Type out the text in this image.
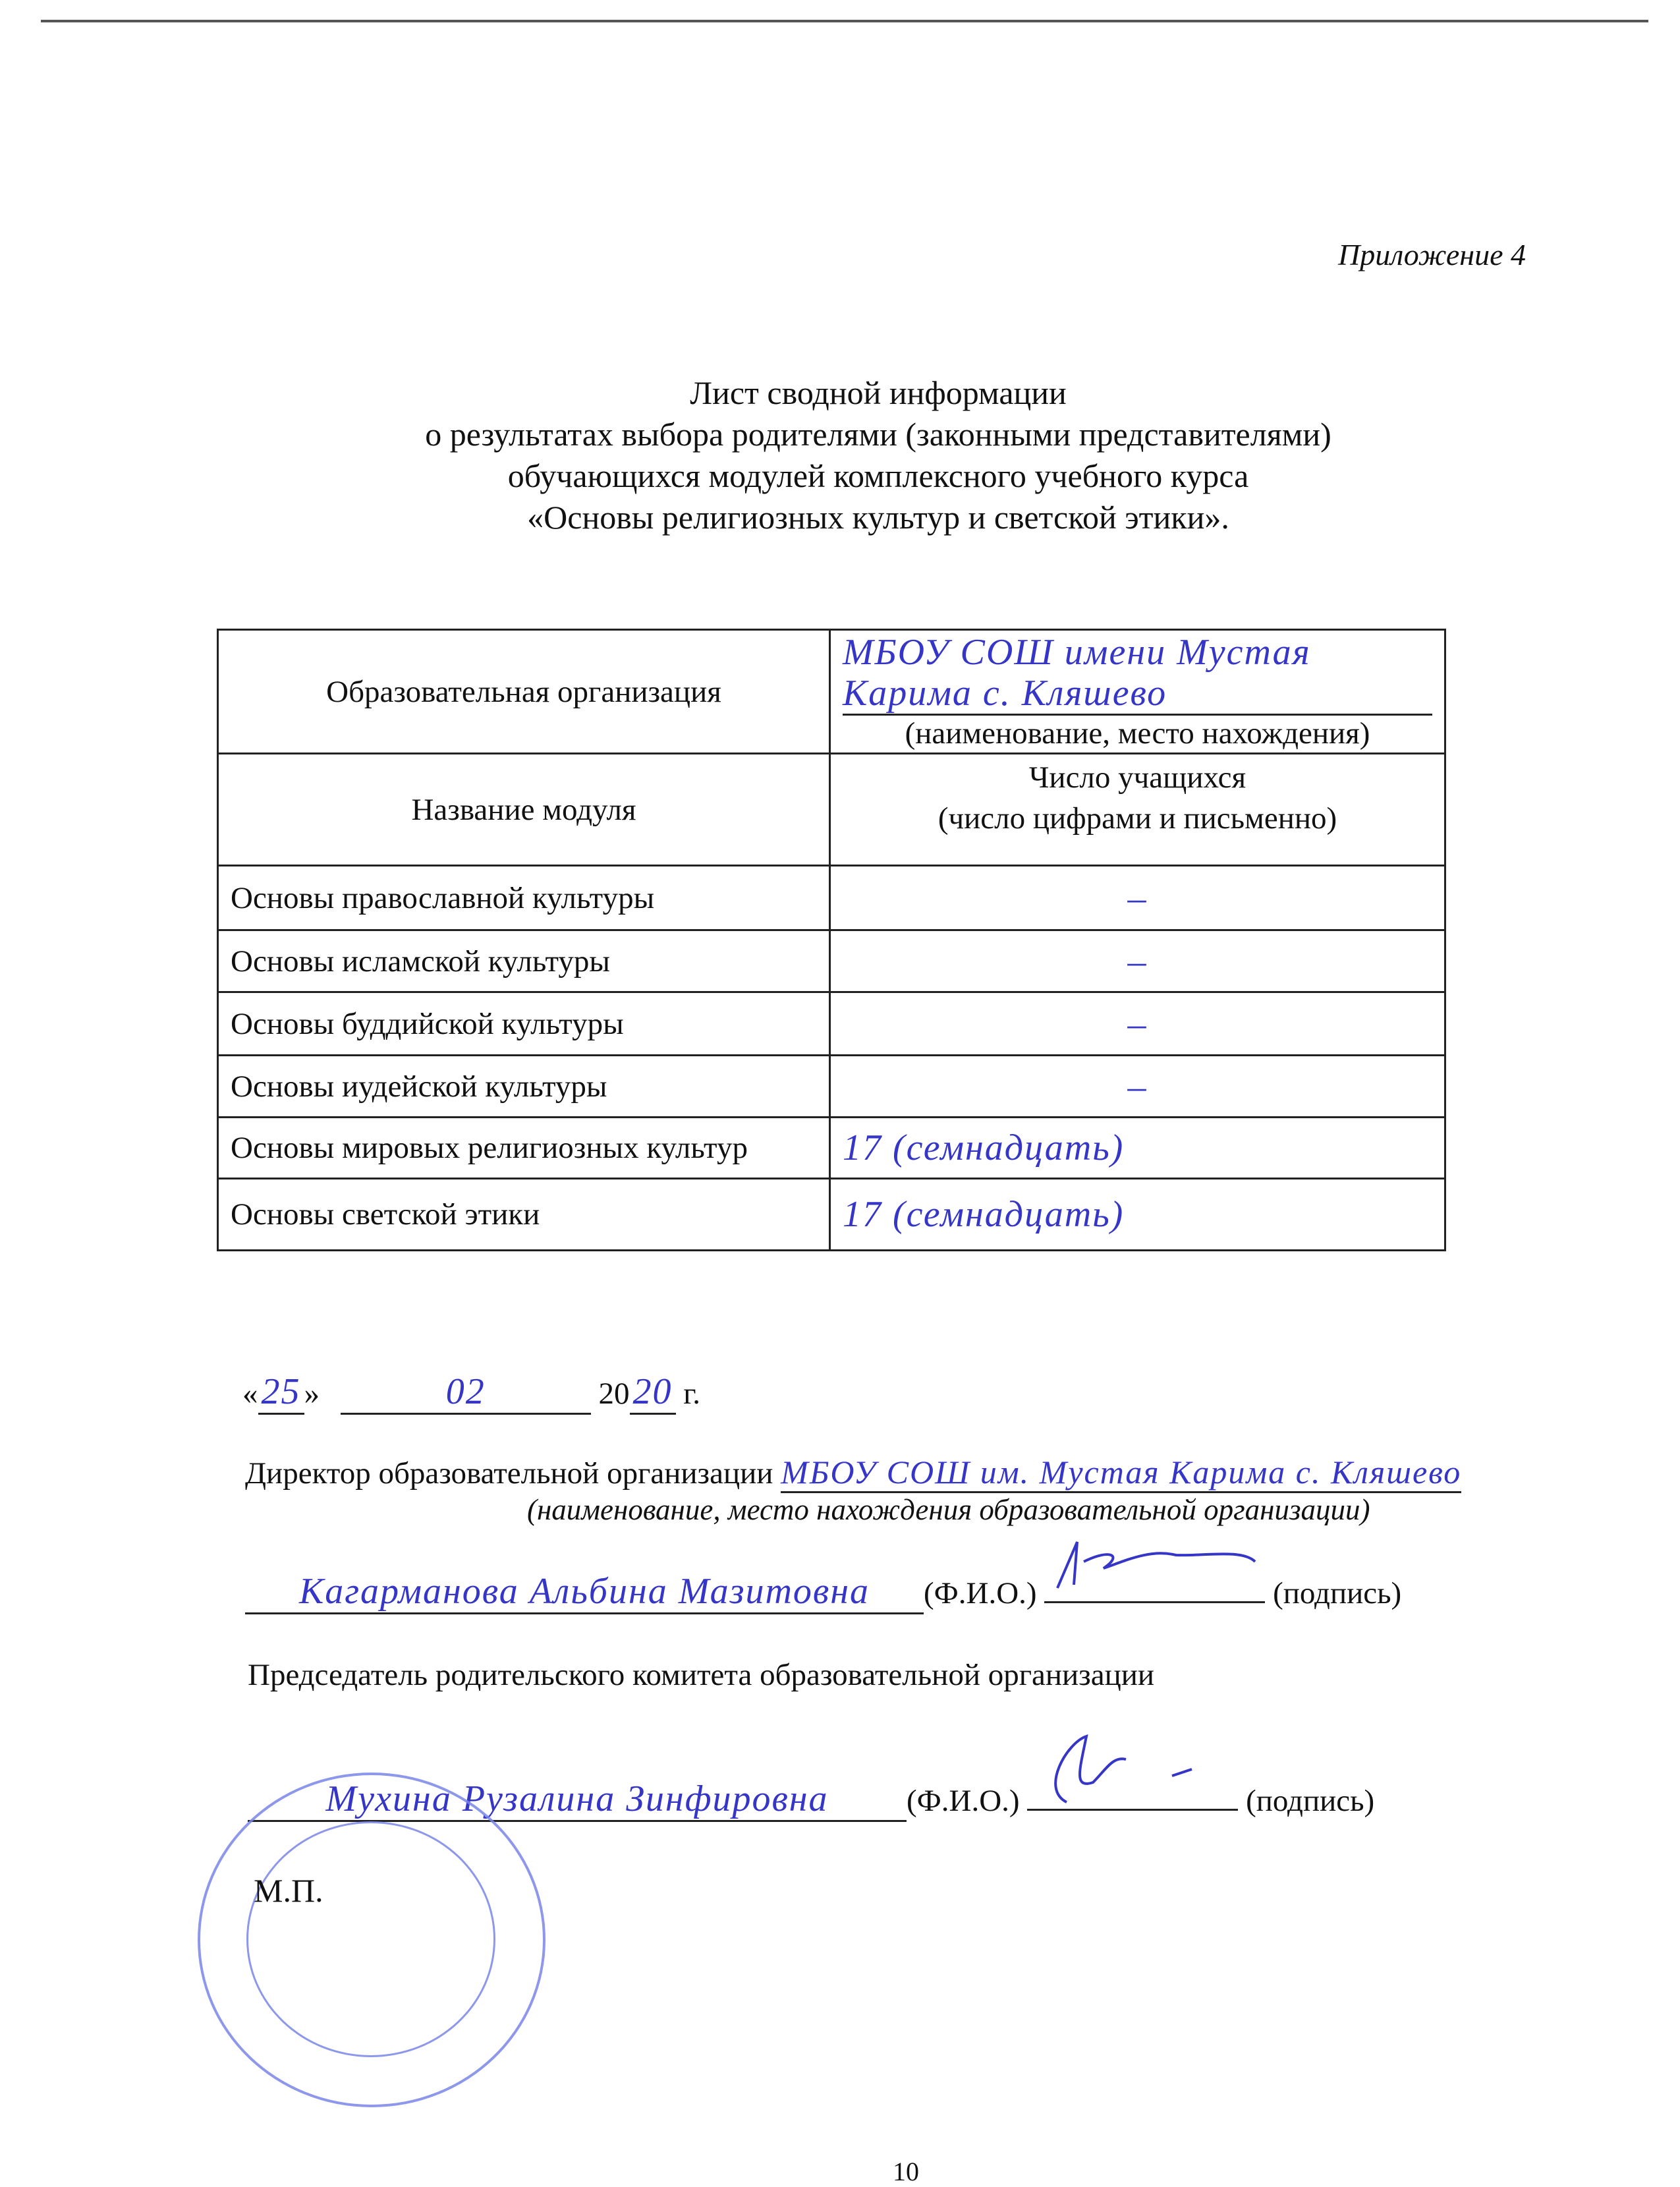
Приложение 4
Лист сводной информации
о результатах выбора родителями (законными представителями)
обучающихся модулей комплексного учебного курса
«Основы религиозных культур и светской этики».
Образовательная организация	МБОУ СОШ имени Мустая
Карима с. Кляшево
(наименование, место нахождения)

Название модуля	Число учащихся
(число цифрами и письменно)

Основы православной культуры	–
Основы исламской культуры	–
Основы буддийской культуры	–
Основы иудейской культуры	–
Основы мировых религиозных культур	17 (семнадцать)
Основы светской этики	17 (семнадцать)
«25 »	02	2020 г.
Директор образовательной организации МБОУ СОШ им. Мустая Карима с. Кляшево
(наименование, место нахождения образовательной организации)
Кагарманова Альбина Мазитовна (Ф.И.О.)	(подпись)
Председатель родительского комитета образовательной организации
Мухина Рузалина Зинфировна	(Ф.И.О.)	(подпись)
М.П.
10
